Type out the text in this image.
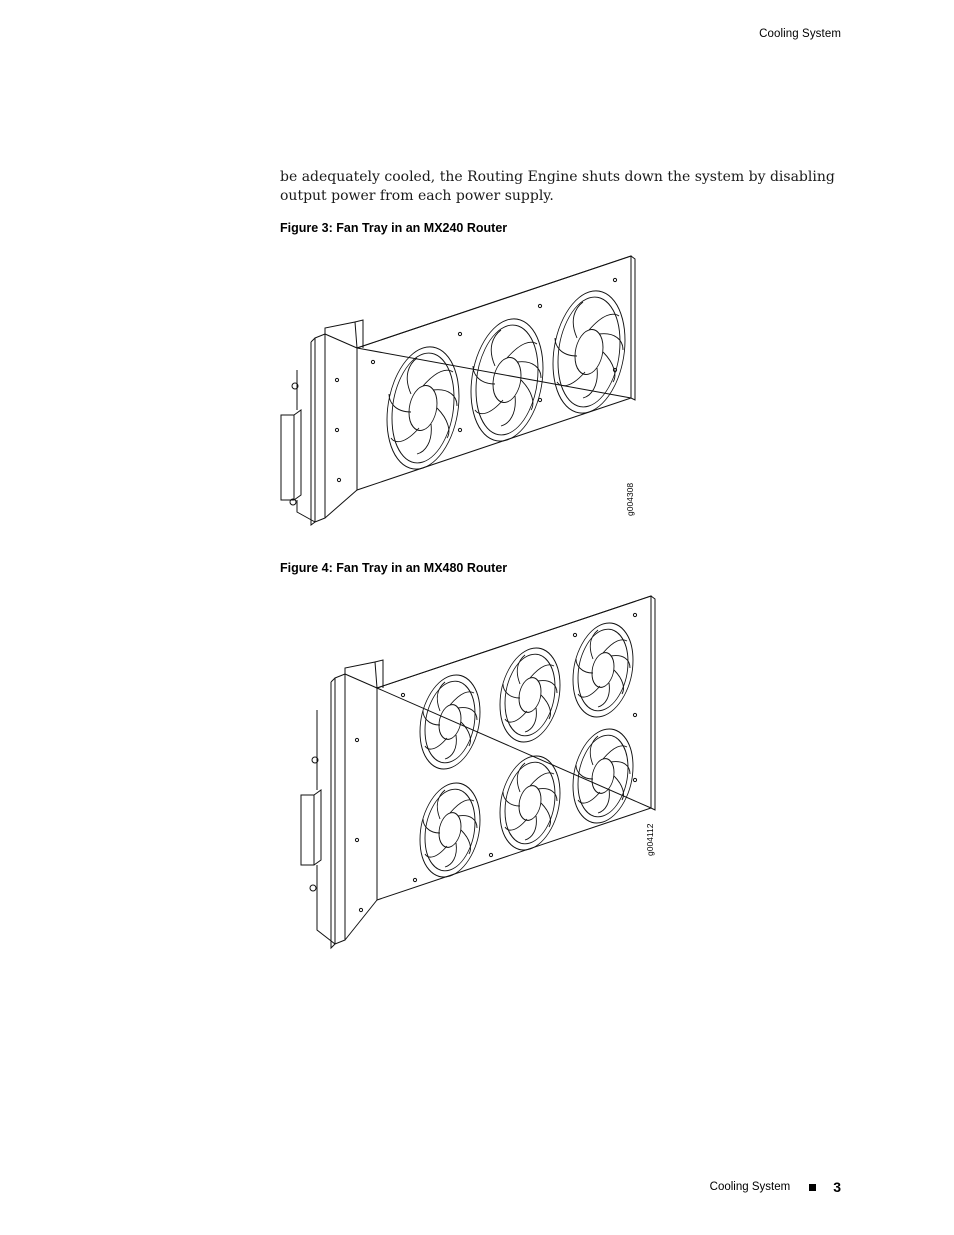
Cooling System

be adequately cooled, the Routing Engine shuts down the system by disabling output power from each power supply.

Figure 3: Fan Tray in an MX240 Router
g004308
Figure 4: Fan Tray in an MX480 Router
g004112
Cooling System	3
